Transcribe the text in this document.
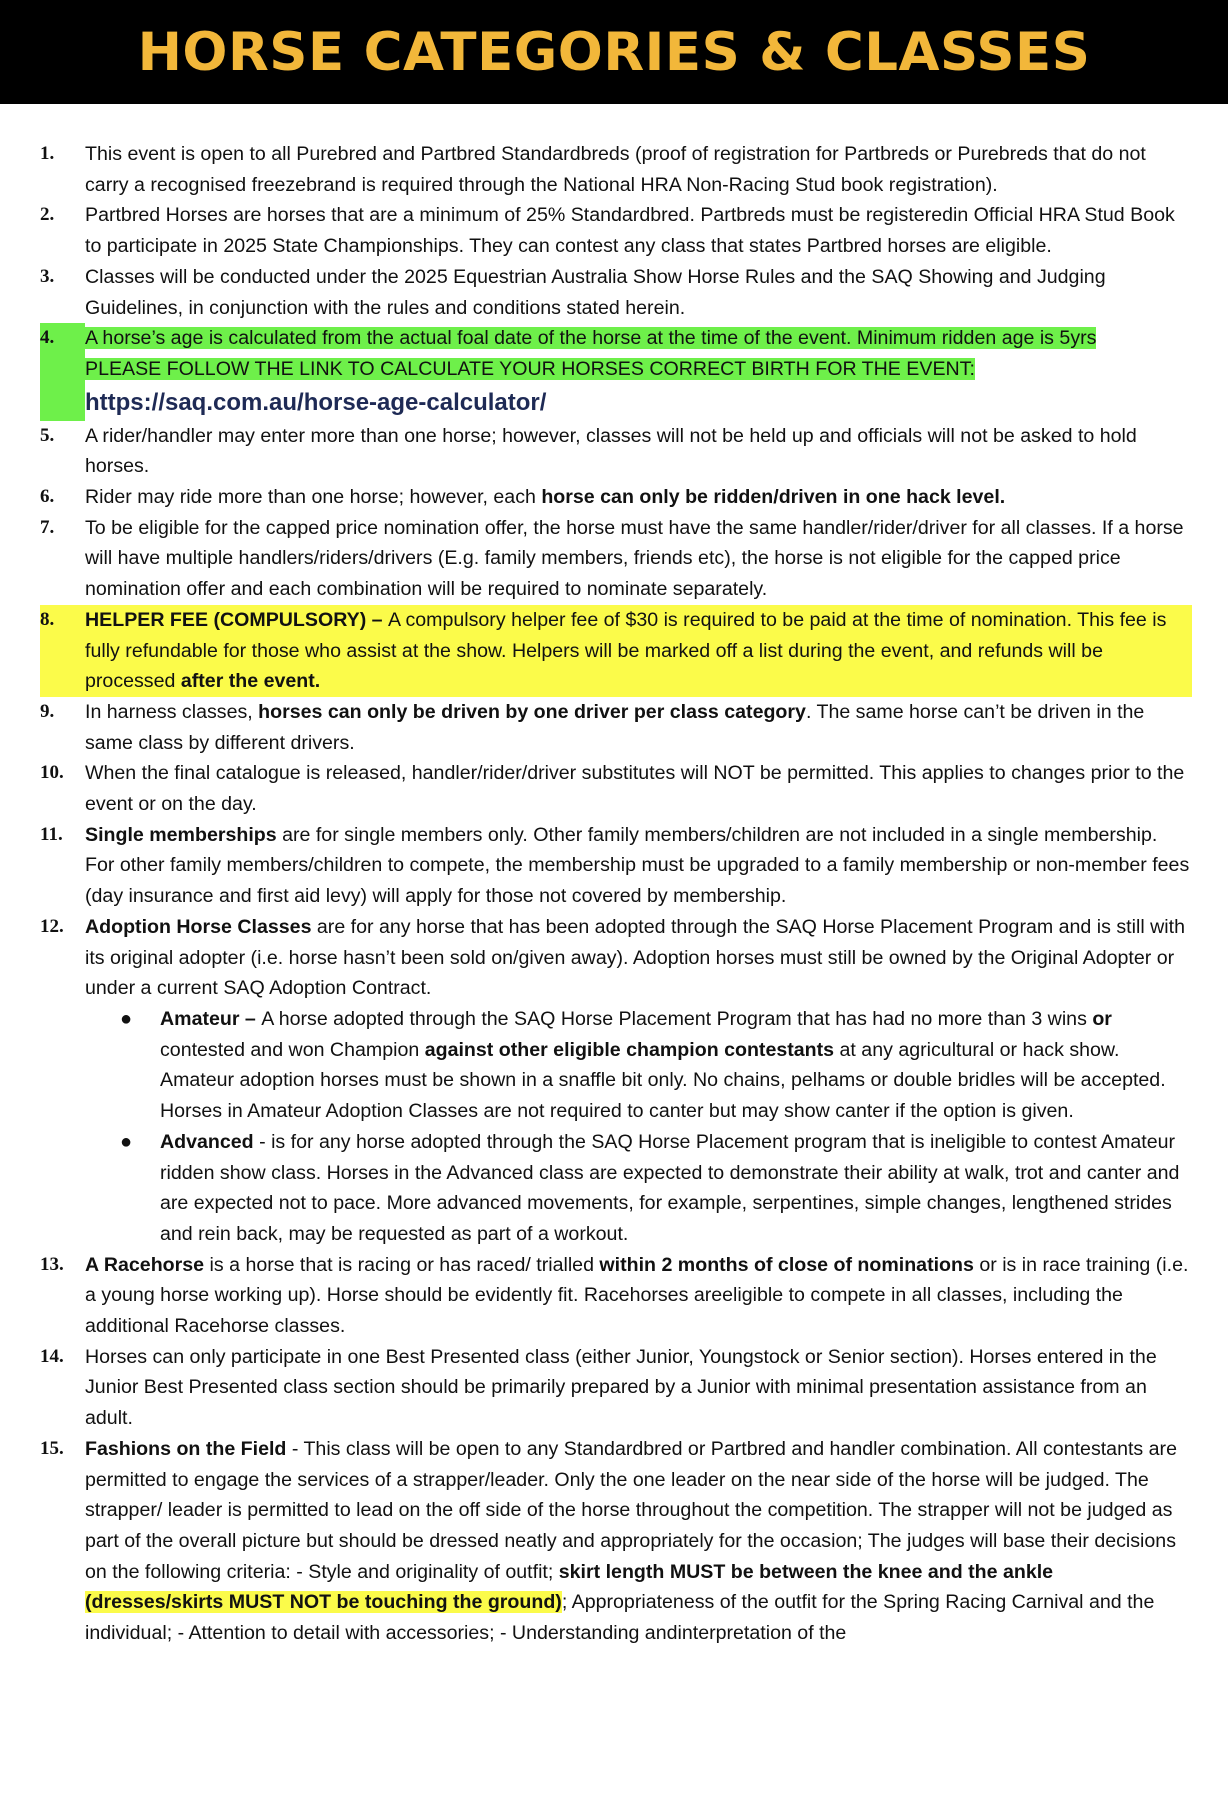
HORSE CATEGORIES & CLASSES
1.	This event is open to all Purebred and Partbred Standardbreds (proof of registration for Partbreds or Purebreds that do not carry a recognised freezebrand is required through the National HRA Non-Racing Stud book registration).
2.	Partbred Horses are horses that are a minimum of 25% Standardbred. Partbreds must be registeredin Official HRA Stud Book to participate in 2025 State Championships. They can contest any class that states Partbred horses are eligible.
3.	Classes will be conducted under the 2025 Equestrian Australia Show Horse Rules and the SAQ Showing and Judging Guidelines, in conjunction with the rules and conditions stated herein.
4.	A horse’s age is calculated from the actual foal date of the horse at the time of the event. Minimum ridden age is 5yrs
PLEASE FOLLOW THE LINK TO CALCULATE YOUR HORSES CORRECT BIRTH FOR THE EVENT:
https://saq.com.au/horse-age-calculator/
5.	A rider/handler may enter more than one horse; however, classes will not be held up and officials will not be asked to hold horses.
6.	Rider may ride more than one horse; however, each horse can only be ridden/driven in one hack level.
7.	To be eligible for the capped price nomination offer, the horse must have the same handler/rider/driver for all classes. If a horse will have multiple handlers/riders/drivers (E.g. family members, friends etc), the horse is not eligible for the capped price nomination offer and each combination will be required to nominate separately.
8.	HELPER FEE (COMPULSORY) – A compulsory helper fee of $30 is required to be paid at the time of nomination. This fee is fully refundable for those who assist at the show. Helpers will be marked off a list during the event, and refunds will be processed after the event.
9.	In harness classes, horses can only be driven by one driver per class category. The same horse can’t be driven in the same class by different drivers.
10.	When the final catalogue is released, handler/rider/driver substitutes will NOT be permitted. This applies to changes prior to the event or on the day.
11.	Single memberships are for single members only. Other family members/children are not included in a single membership. For other family members/children to compete, the membership must be upgraded to a family membership or non-member fees (day insurance and first aid levy) will apply for those not covered by membership.
12.	Adoption Horse Classes are for any horse that has been adopted through the SAQ Horse Placement Program and is still with its original adopter (i.e. horse hasn’t been sold on/given away). Adoption horses must still be owned by the Original Adopter or under a current SAQ Adoption Contract.
●	Amateur – A horse adopted through the SAQ Horse Placement Program that has had no more than 3 wins or contested and won Champion against other eligible champion contestants at any agricultural or hack show. Amateur adoption horses must be shown in a snaffle bit only. No chains, pelhams or double bridles will be accepted. Horses in Amateur Adoption Classes are not required to canter but may show canter if the option is given.
●	Advanced - is for any horse adopted through the SAQ Horse Placement program that is ineligible to contest Amateur ridden show class. Horses in the Advanced class are expected to demonstrate their ability at walk, trot and canter and are expected not to pace. More advanced movements, for example, serpentines, simple changes, lengthened strides and rein back, may be requested as part of a workout.
13.	A Racehorse is a horse that is racing or has raced/ trialled within 2 months of close of nominations or is in race training (i.e. a young horse working up). Horse should be evidently fit. Racehorses areeligible to compete in all classes, including the additional Racehorse classes.
14.	Horses can only participate in one Best Presented class (either Junior, Youngstock or Senior section). Horses entered in the Junior Best Presented class section should be primarily prepared by a Junior with minimal presentation assistance from an adult.
15.	Fashions on the Field - This class will be open to any Standardbred or Partbred and handler combination. All contestants are permitted to engage the services of a strapper/leader. Only the one leader on the near side of the horse will be judged. The strapper/ leader is permitted to lead on the off side of the horse throughout the competition. The strapper will not be judged as part of the overall picture but should be dressed neatly and appropriately for the occasion; The judges will base their decisions on the following criteria: - Style and originality of outfit; skirt length MUST be between the knee and the ankle (dresses/skirts MUST NOT be touching the ground); Appropriateness of the outfit for the Spring Racing Carnival and the individual; - Attention to detail with accessories; - Understanding andinterpretation of the
